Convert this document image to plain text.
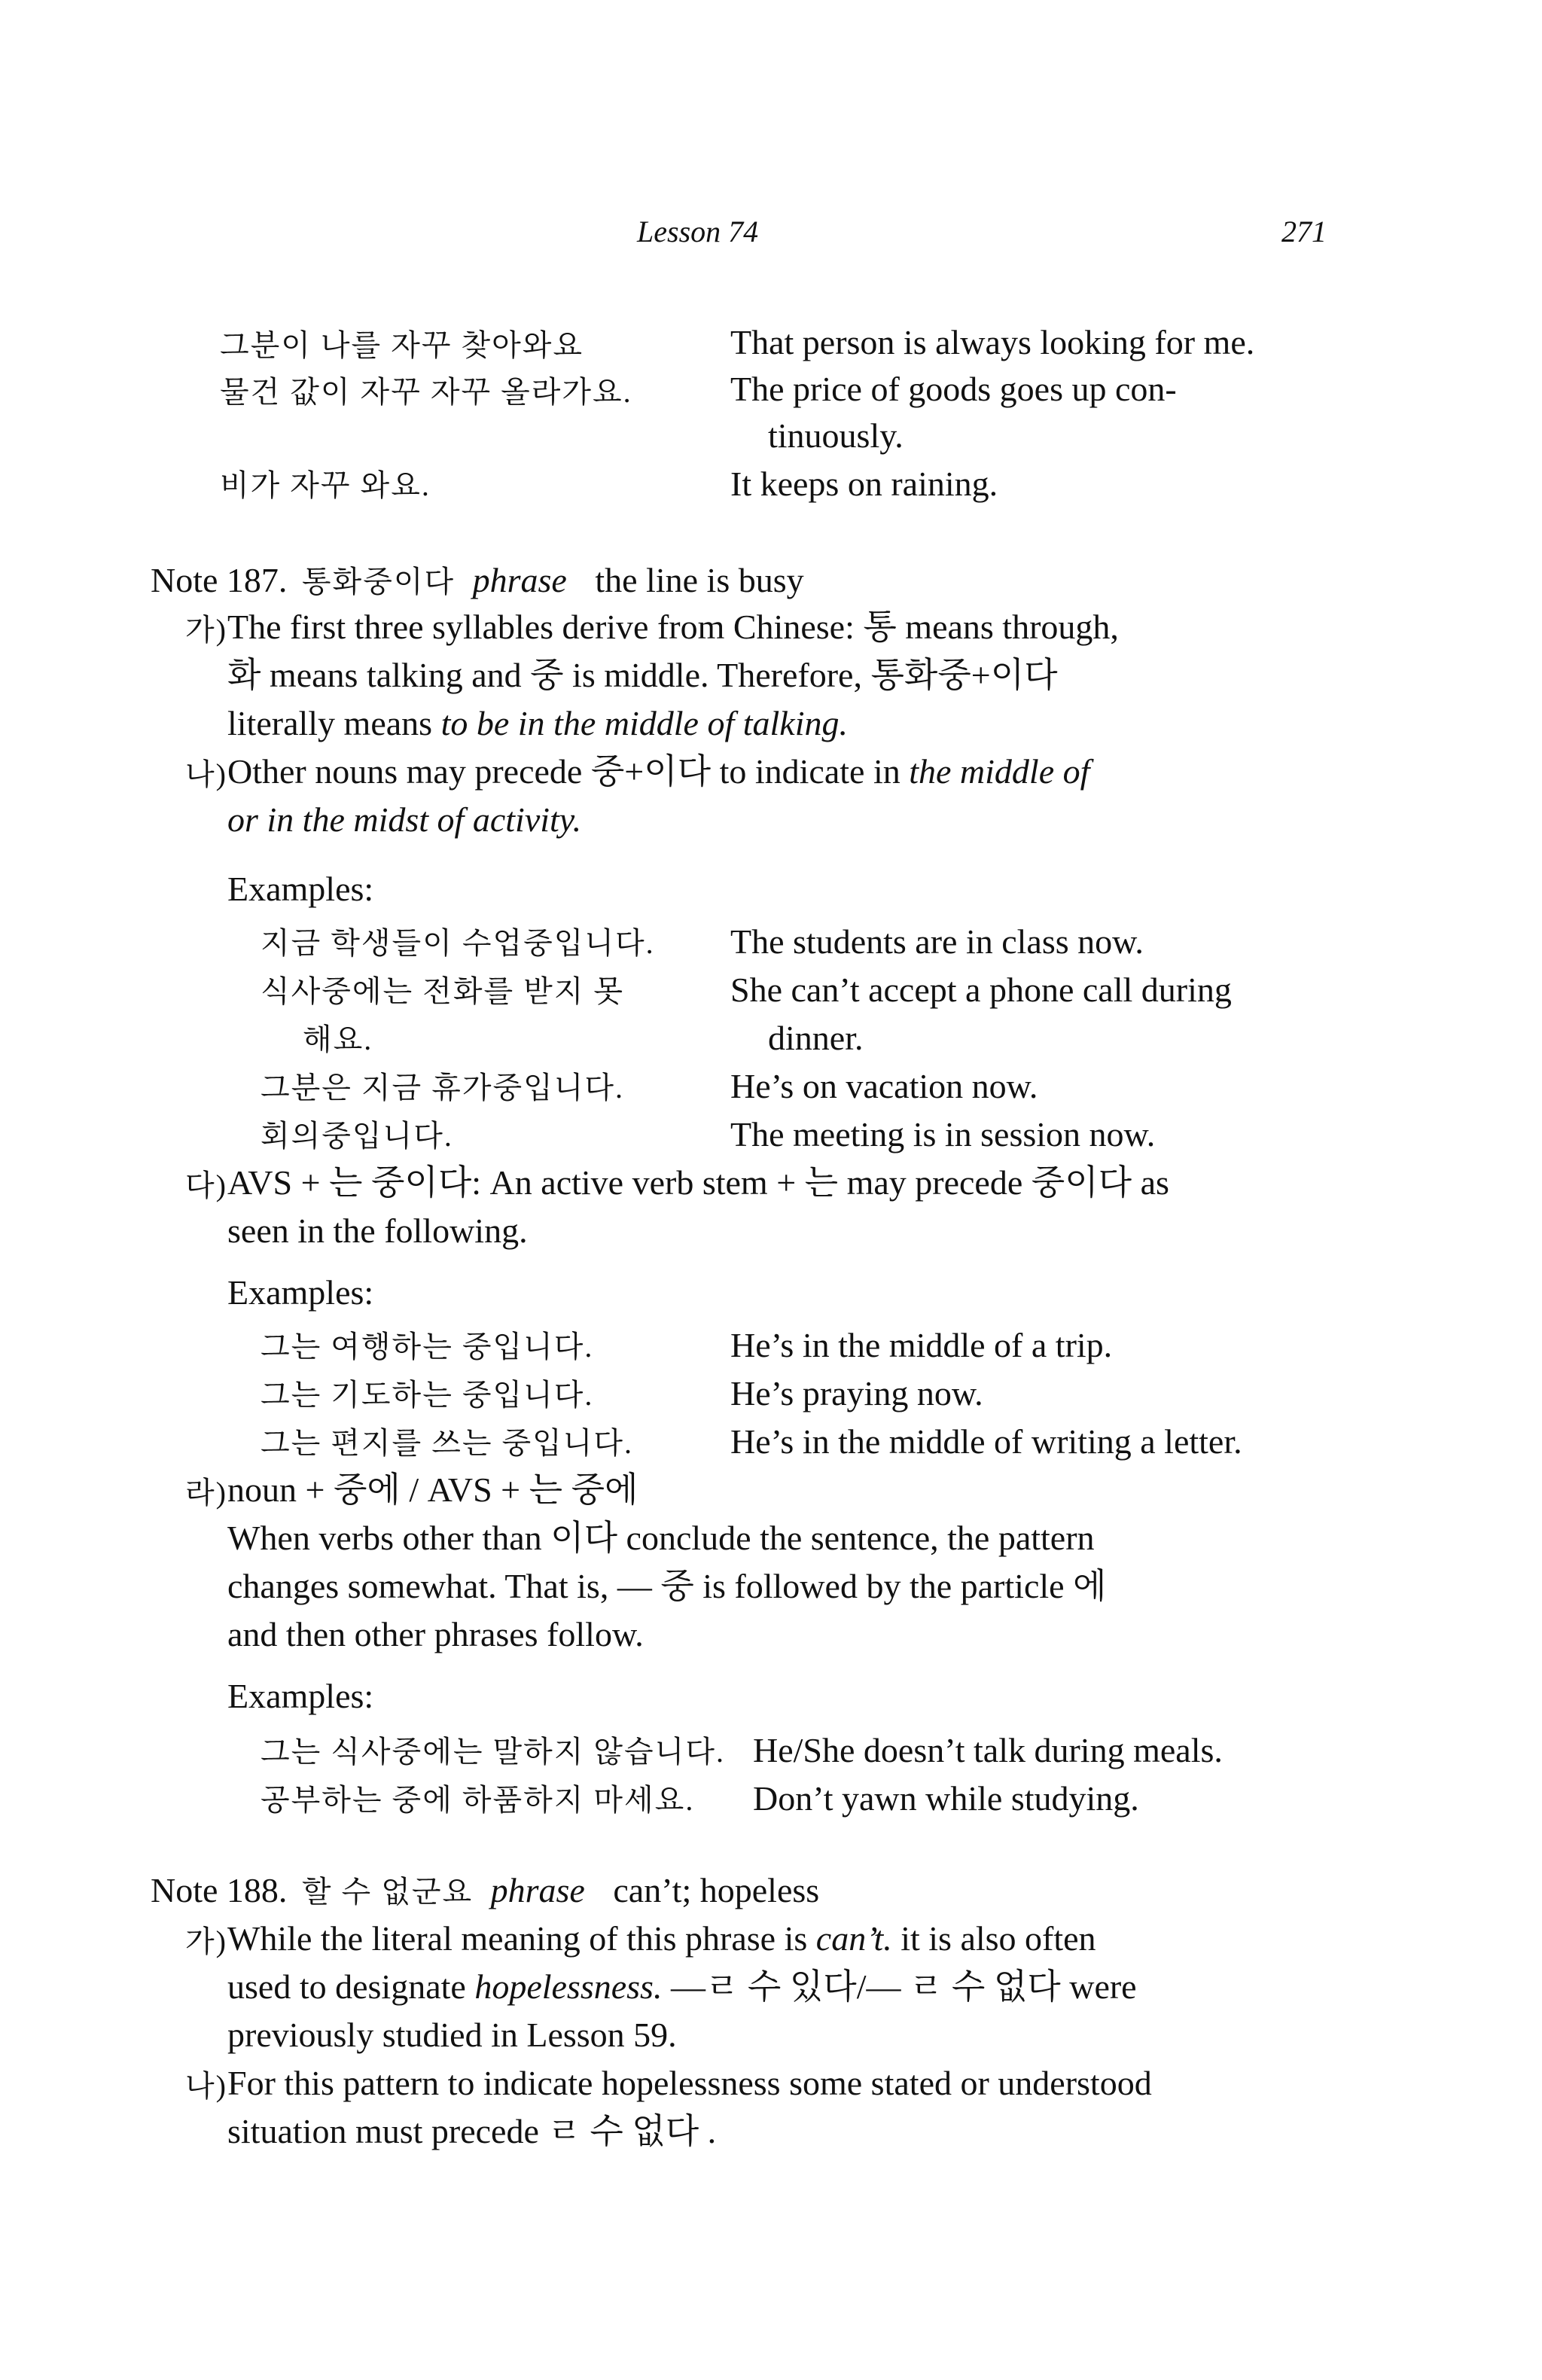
Lesson 74	271
그분이 나를 자꾸 찾아와요	That person is always looking for me.
물건 값이 자꾸 자꾸 올라가요.	The price of goods goes up con-
tinuously.
비가 자꾸 와요.	It keeps on raining.
Note 187. 통화중이다 phrase the line is busy
가) The first three syllables derive from Chinese: 통 means through,
화 means talking and 중 is middle. Therefore, 통화중+이다
literally means to be in the middle of talking.
나) Other nouns may precede 중+이다 to indicate in the middle of
or in the midst of activity.
Examples:
지금 학생들이 수업중입니다. The students are in class now.
식사중에는 전화를 받지 못	She can’t accept a phone call during
해요.	dinner.
그분은 지금 휴가중입니다.	He’s on vacation now.
회의중입니다.	The meeting is in session now.
다) AVS + 는 중이다: An active verb stem + 는 may precede 중이다 as
seen in the following.
Examples:
그는 여행하는 중입니다.	He’s in the middle of a trip.
그는 기도하는 중입니다.	He’s praying now.
그는 편지를 쓰는 중입니다.	He’s in the middle of writing a letter.
라) noun + 중에 / AVS + 는 중에
When verbs other than 이다 conclude the sentence, the pattern
changes somewhat. That is, — 중 is followed by the particle 에
and then other phrases follow.
Examples:
그는 식사중에는 말하지 않습니다. He/She doesn’t talk during meals.
공부하는 중에 하품하지 마세요. Don’t yawn while studying.
Note 188. 할 수 없군요 phrase can’t; hopeless
가) While the literal meaning of this phrase is can’t. it is also often
used to designate hopelessness. —ㄹ 수 있다/— ㄹ 수 없다 were
previously studied in Lesson 59.
나) For this pattern to indicate hopelessness some stated or understood
situation must precede ㄹ 수 없다 .
